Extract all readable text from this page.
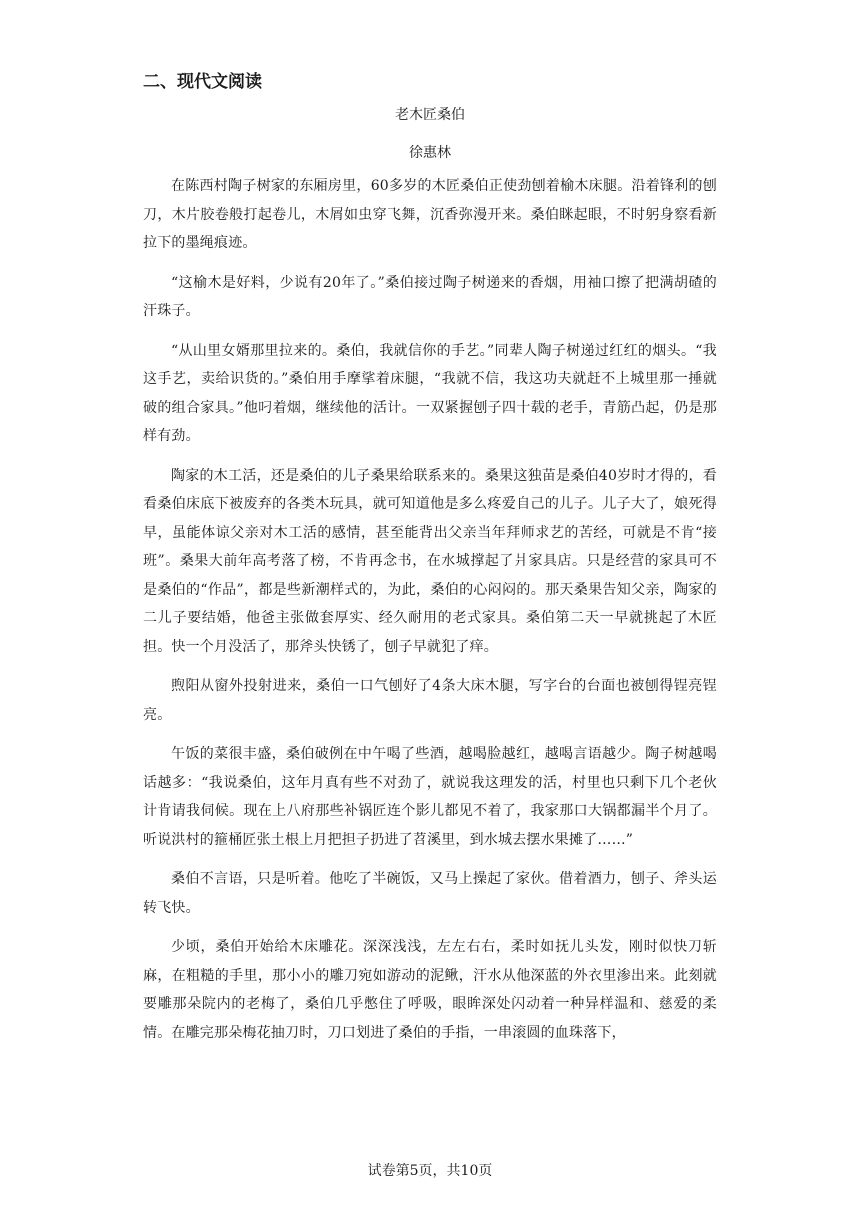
二、现代文阅读
老木匠桑伯
徐惠林

在陈西村陶子树家的东厢房里，60多岁的木匠桑伯正使劲刨着榆木床腿。沿着锋利的刨刀，木片胶卷般打起卷儿，木屑如虫穿飞舞，沉香弥漫开来。桑伯眯起眼，不时躬身察看新拉下的墨绳痕迹。

“这榆木是好料，少说有20年了。”桑伯接过陶子树递来的香烟，用袖口擦了把满胡碴的汗珠子。

“从山里女婿那里拉来的。桑伯，我就信你的手艺。”同辈人陶子树递过红红的烟头。“我这手艺，卖给识货的。”桑伯用手摩挲着床腿，“我就不信，我这功夫就赶不上城里那一捶就破的组合家具。”他叼着烟，继续他的活计。一双紧握刨子四十载的老手，青筋凸起，仍是那样有劲。

陶家的木工活，还是桑伯的儿子桑果给联系来的。桑果这独苗是桑伯40岁时才得的，看看桑伯床底下被废弃的各类木玩具，就可知道他是多么疼爱自己的儿子。儿子大了，娘死得早，虽能体谅父亲对木工活的感情，甚至能背出父亲当年拜师求艺的苦经，可就是不肯“接班”。桑果大前年高考落了榜，不肯再念书，在水城撑起了爿家具店。只是经营的家具可不是桑伯的“作品”，都是些新潮样式的，为此，桑伯的心闷闷的。那天桑果告知父亲，陶家的二儿子要结婚，他爸主张做套厚实、经久耐用的老式家具。桑伯第二天一早就挑起了木匠担。快一个月没活了，那斧头快锈了，刨子早就犯了痒。

煦阳从窗外投射进来，桑伯一口气刨好了4条大床木腿，写字台的台面也被刨得锃亮锃亮。

午饭的菜很丰盛，桑伯破例在中午喝了些酒，越喝脸越红，越喝言语越少。陶子树越喝话越多：“我说桑伯，这年月真有些不对劲了，就说我这理发的活，村里也只剩下几个老伙计肯请我伺候。现在上八府那些补锅匠连个影儿都见不着了，我家那口大锅都漏半个月了。听说洪村的箍桶匠张土根上月把担子扔进了苕溪里，到水城去摆水果摊了……”

桑伯不言语，只是听着。他吃了半碗饭，又马上操起了家伙。借着酒力，刨子、斧头运转飞快。

少顷，桑伯开始给木床雕花。深深浅浅，左左右右，柔时如抚儿头发，刚时似快刀斩麻，在粗糙的手里，那小小的雕刀宛如游动的泥鳅，汗水从他深蓝的外衣里渗出来。此刻就要雕那朵院内的老梅了，桑伯几乎憋住了呼吸，眼眸深处闪动着一种异样温和、慈爱的柔情。在雕完那朵梅花抽刀时，刀口划进了桑伯的手指，一串滚圆的血珠落下，

试卷第5页，共10页
